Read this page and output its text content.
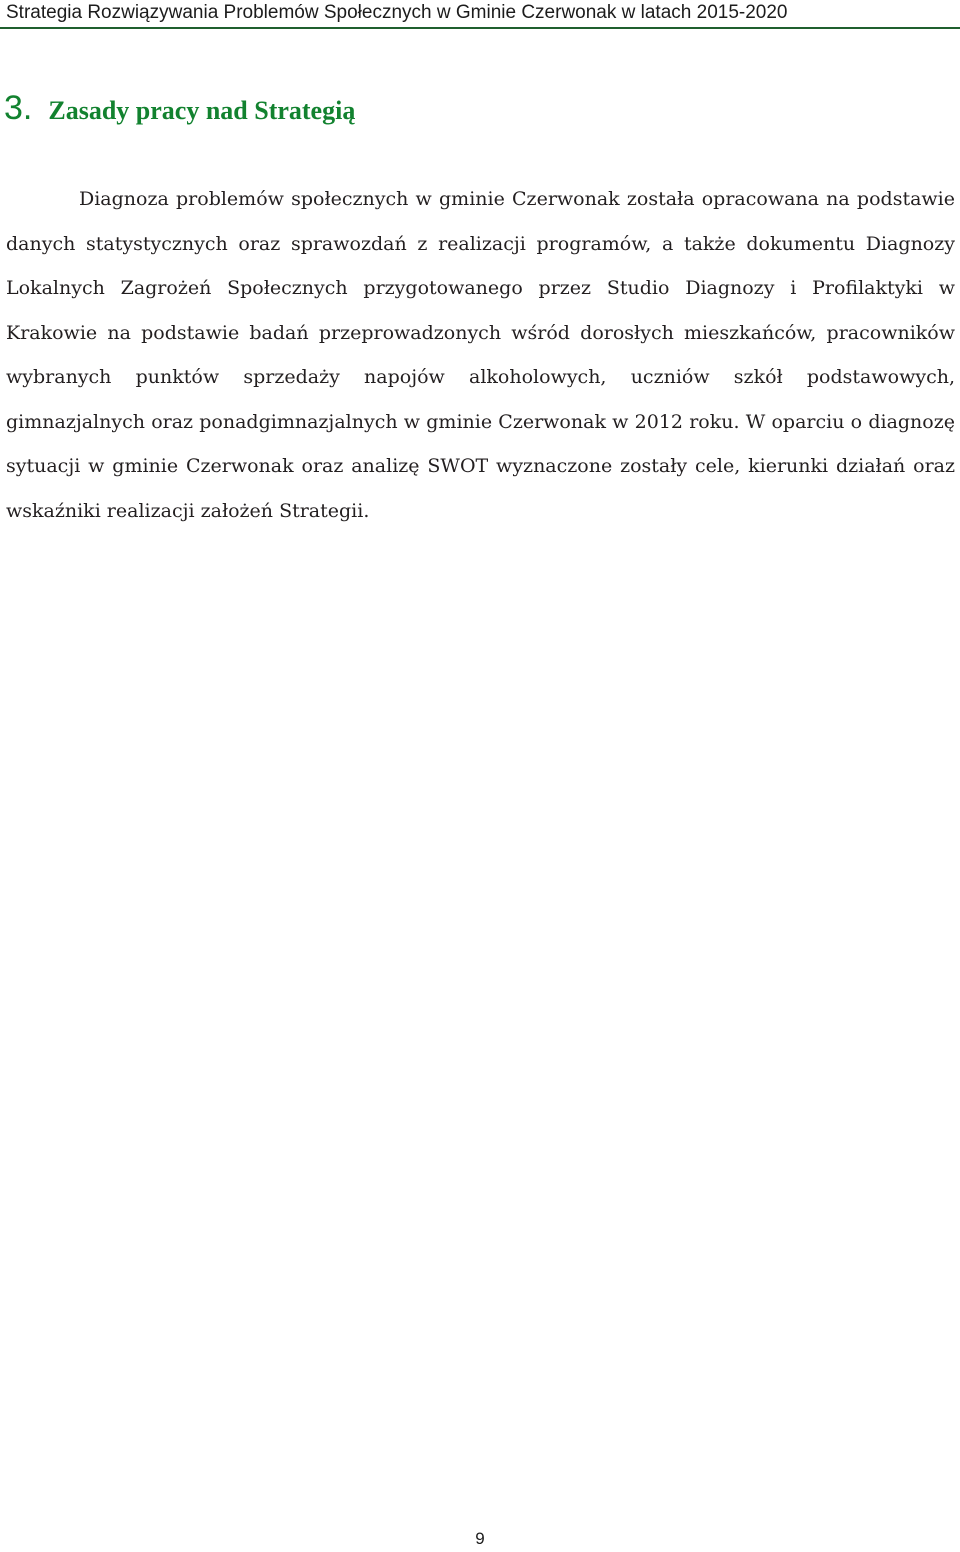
Strategia Rozwiązywania Problemów Społecznych w Gminie Czerwonak w latach 2015-2020
3. Zasady pracy nad Strategią

Diagnoza problemów społecznych w gminie Czerwonak została opracowana na podstawie danych statystycznych oraz sprawozdań z realizacji programów, a także dokumentu Diagnozy Lokalnych Zagrożeń Społecznych przygotowanego przez Studio Diagnozy i Profilaktyki w Krakowie na podstawie badań przeprowadzonych wśród dorosłych mieszkańców, pracowników wybranych punktów sprzedaży napojów alkoholowych, uczniów szkół podstawowych, gimnazjalnych oraz ponadgimnazjalnych w gminie Czerwonak w 2012 roku. W oparciu o diagnozę sytuacji w gminie Czerwonak oraz analizę SWOT wyznaczone zostały cele, kierunki działań oraz wskaźniki realizacji założeń Strategii.

9
